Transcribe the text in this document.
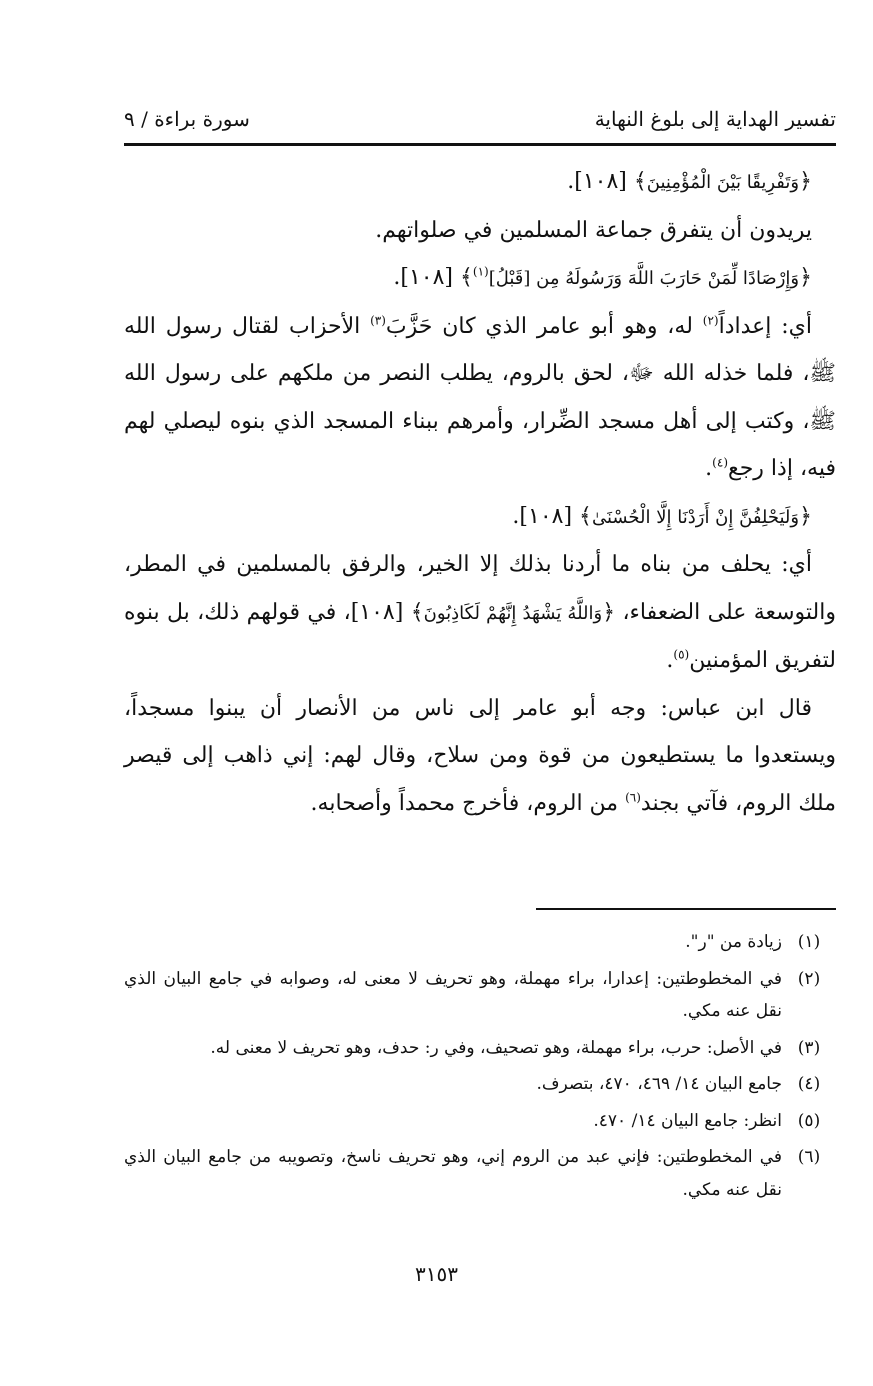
تفسير الهداية إلى بلوغ النهاية
سورة براءة / ٩

﴿وَتَفْرِيقًا بَيْنَ الْمُؤْمِنِينَ﴾ [١٠٨].

يريدون أن يتفرق جماعة المسلمين في صلواتهم.

﴿وَإِرْصَادًا لِّمَنْ حَارَبَ اللَّهَ وَرَسُولَهُ مِن [قَبْلُ]$^{(١)}$﴾ [١٠٨].

أي: إعداداً$^{(٢)}$ له، وهو أبو عامر الذي كان حَزَّبَ$^{(٣)}$ الأحزاب لقتال رسول الله ﷺ، فلما خذله الله ﷻ، لحق بالروم، يطلب النصر من ملكهم على رسول الله ﷺ، وكتب إلى أهل مسجد الضِّرار، وأمرهم ببناء المسجد الذي بنوه ليصلي لهم فيه، إذا رجع$^{(٤)}$.

﴿وَلَيَحْلِفُنَّ إِنْ أَرَدْنَا إِلَّا الْحُسْنَىٰ﴾ [١٠٨].

أي: يحلف من بناه ما أردنا بذلك إلا الخير، والرفق بالمسلمين في المطر، والتوسعة على الضعفاء، ﴿وَاللَّهُ يَشْهَدُ إِنَّهُمْ لَكَاذِبُونَ﴾ [١٠٨]، في قولهم ذلك، بل بنوه لتفريق المؤمنين$^{(٥)}$.

قال ابن عباس: وجه أبو عامر إلى ناس من الأنصار أن يبنوا مسجداً، ويستعدوا ما يستطيعون من قوة ومن سلاح، وقال لهم: إني ذاهب إلى قيصر ملك الروم، فآتي بجند$^{(٦)}$ من الروم، فأخرج محمداً وأصحابه.

(١)
زيادة من "ر".
(٢)
في المخطوطتين: إعدارا، براء مهملة، وهو تحريف لا معنى له، وصوابه في جامع البيان الذي نقل عنه مكي.
(٣)
في الأصل: حرب، براء مهملة، وهو تصحيف، وفي ر: حدف، وهو تحريف لا معنى له.
(٤)
جامع البيان ١٤/ ٤٦٩، ٤٧٠، بتصرف.
(٥)
انظر: جامع البيان ١٤/ ٤٧٠.
(٦)
في المخطوطتين: فإني عبد من الروم إني، وهو تحريف ناسخ، وتصويبه من جامع البيان الذي نقل عنه مكي.
٣١٥٣
